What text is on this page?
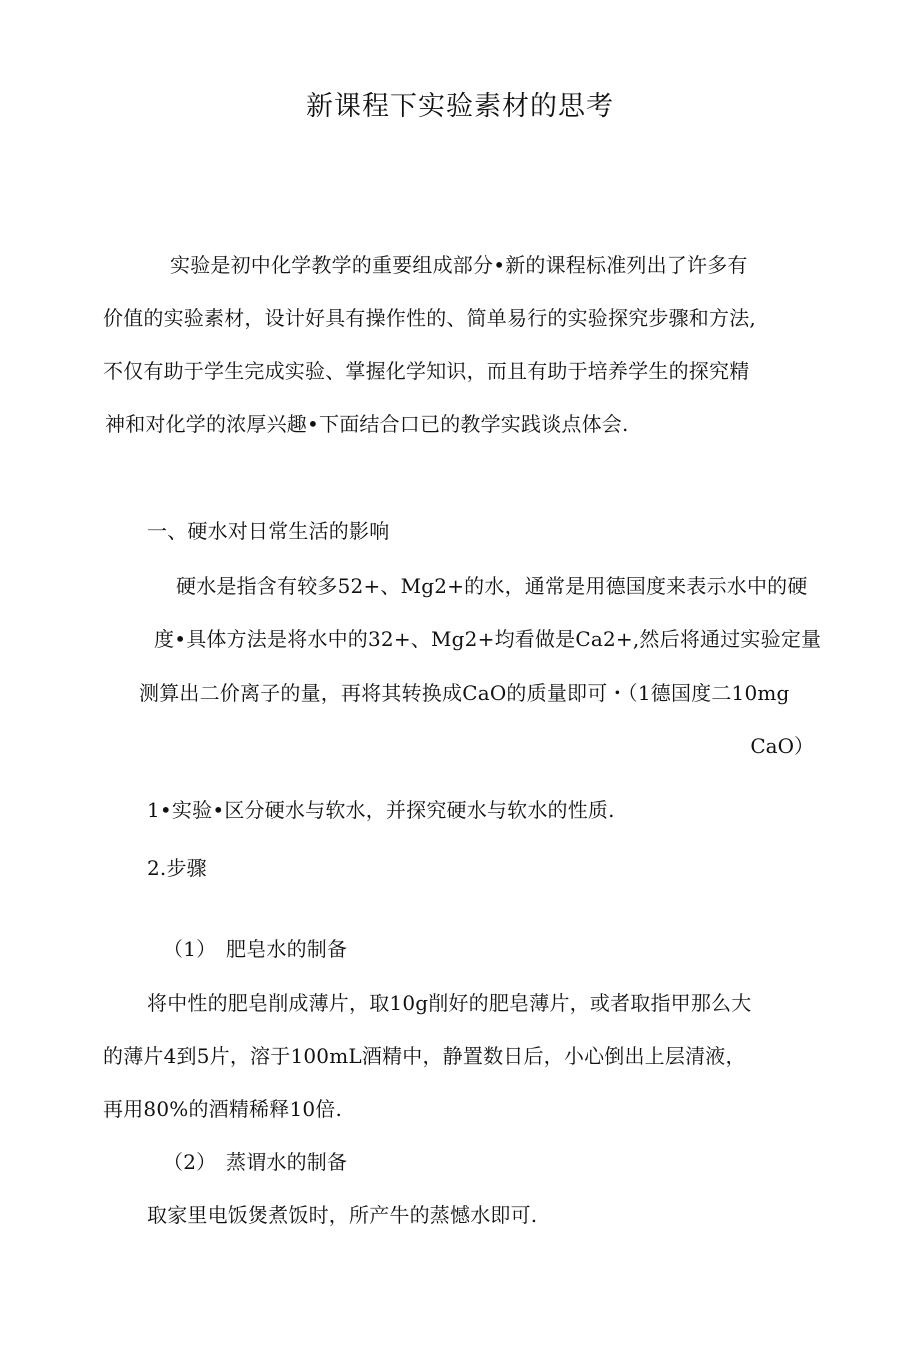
新课程下实验素材的思考
实验是初中化学教学的重要组成部分•新的课程标准列出了许多有
价值的实验素材，设计好具有操作性的、简单易行的实验探究步骤和方法,
不仅有助于学生完成实验、掌握化学知识，而且有助于培养学生的探究精
神和对化学的浓厚兴趣•下面结合口已的教学实践谈点体会.
一、硬水对日常生活的影响
硬水是指含有较多52+、Mg2+的水，通常是用德国度来表示水中的硬
度•具体方法是将水中的32+、Mg2+均看做是Ca2+,然后将通过实验定量
测算出二价离子的量，再将其转换成CaO的质量即可・（1德国度二10mg
CaO）
1•实验•区分硬水与软水，并探究硬水与软水的性质.
2.步骤
（1） 肥皂水的制备
将中性的肥皂削成薄片，取10g削好的肥皂薄片，或者取指甲那么大
的薄片4到5片，溶于100mL酒精中，静置数日后，小心倒出上层清液，
再用80%的酒精稀释10倍.
（2） 蒸谓水的制备
取家里电饭煲煮饭时，所产牛的蒸憾水即可.
